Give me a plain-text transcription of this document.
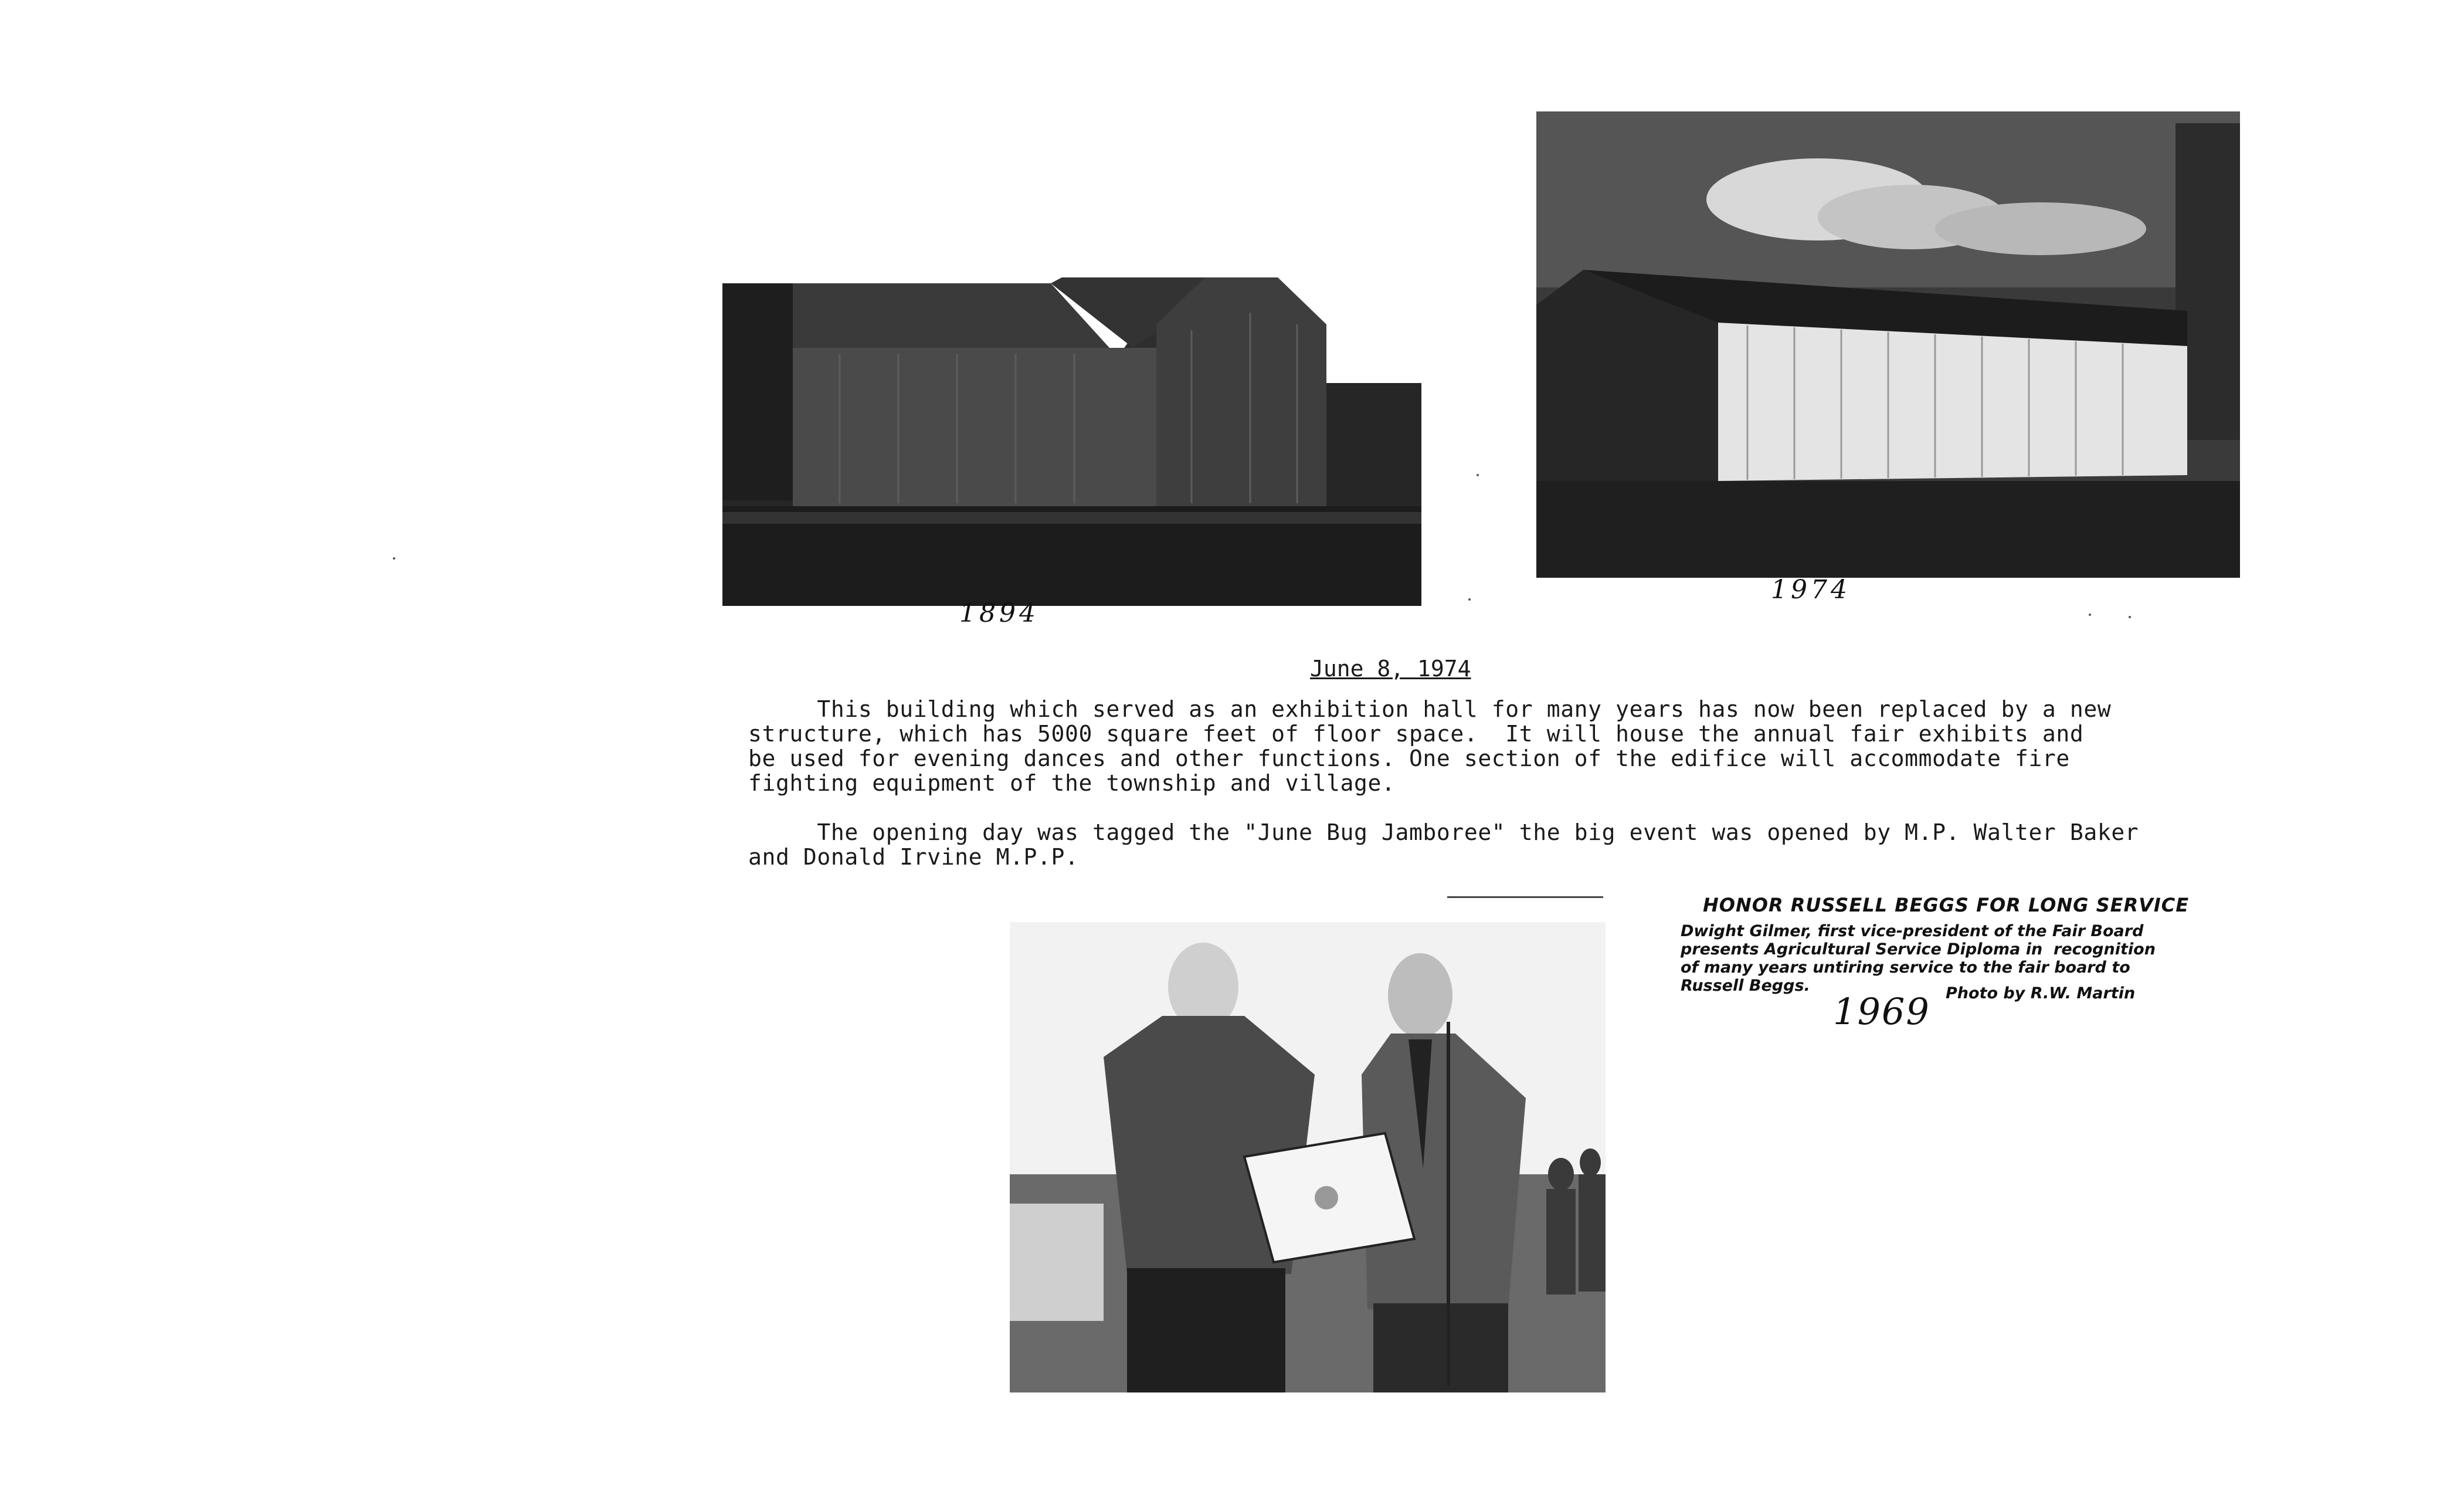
1894
1974
June 8, 1974
This building which served as an exhibition hall for many years has now been replaced by a new
structure, which has 5000 square feet of floor space.  It will house the annual fair exhibits and
be used for evening dances and other functions. One section of the edifice will accommodate fire
fighting equipment of the township and village.
The opening day was tagged the "June Bug Jamboree" the big event was opened by M.P. Walter Baker
and Donald Irvine M.P.P.
HONOR RUSSELL BEGGS FOR LONG SERVICE
Dwight Gilmer, first vice-president of the Fair Board
presents Agricultural Service Diploma in  recognition
of many years untiring service to the fair board to
Russell Beggs.	Photo by R.W. Martin
1969
